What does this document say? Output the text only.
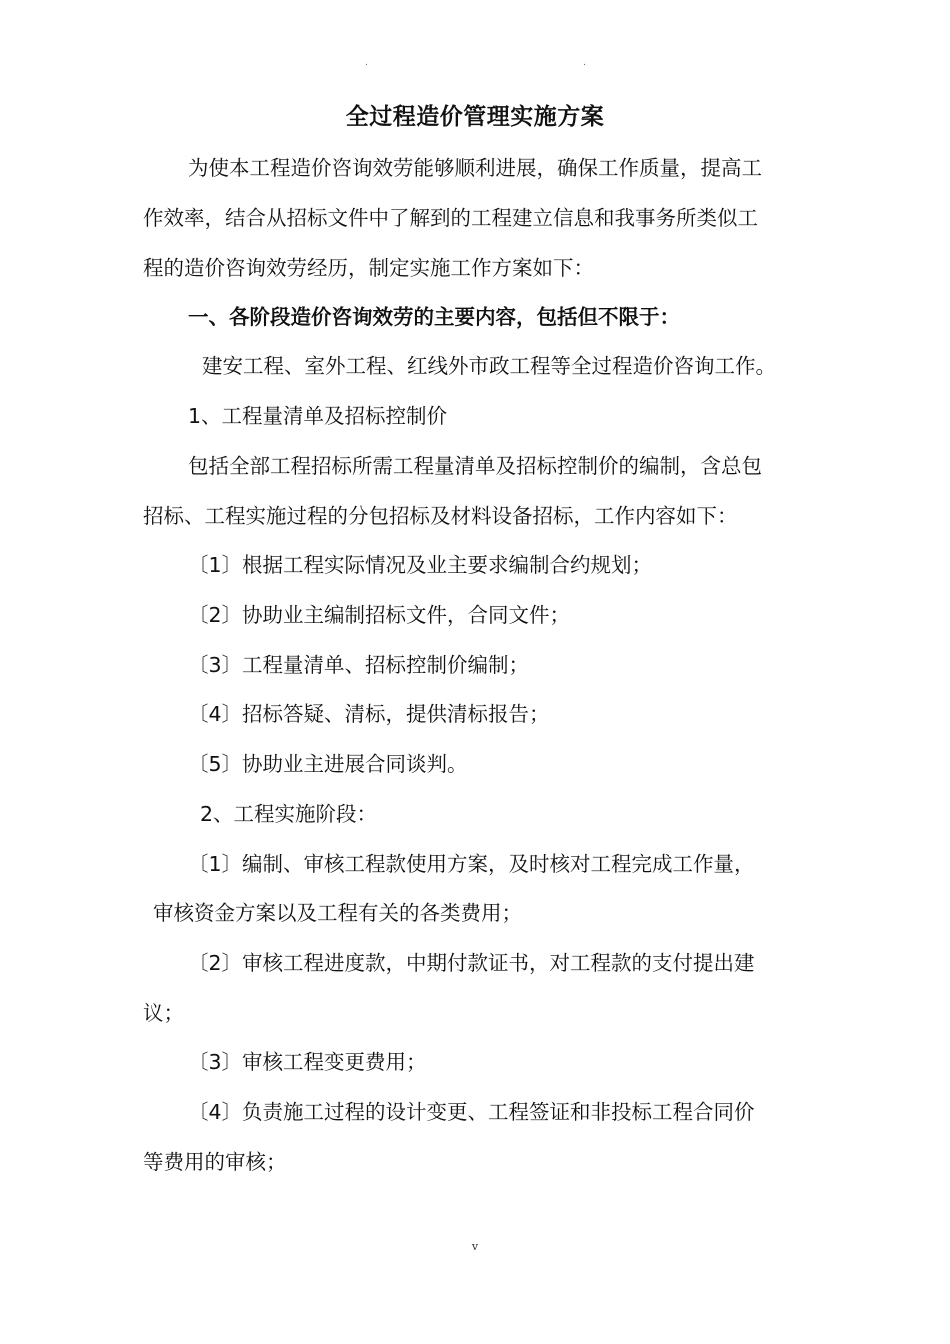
.	.
全过程造价管理实施方案
为使本工程造价咨询效劳能够顺利进展，确保工作质量，提高工
作效率，结合从招标文件中了解到的工程建立信息和我事务所类似工
程的造价咨询效劳经历，制定实施工作方案如下：
一、各阶段造价咨询效劳的主要内容，包括但不限于：
建安工程、室外工程、红线外市政工程等全过程造价咨询工作。
1、工程量清单及招标控制价
包括全部工程招标所需工程量清单及招标控制价的编制，含总包
招标、工程实施过程的分包招标及材料设备招标，工作内容如下：
〔1〕根据工程实际情况及业主要求编制合约规划；
〔2〕协助业主编制招标文件，合同文件；
〔3〕工程量清单、招标控制价编制；
〔4〕招标答疑、清标，提供清标报告；
〔5〕协助业主进展合同谈判。
2、工程实施阶段：
〔1〕编制、审核工程款使用方案，及时核对工程完成工作量，
审核资金方案以及工程有关的各类费用；
〔2〕审核工程进度款，中期付款证书，对工程款的支付提出建
议；
〔3〕审核工程变更费用；
〔4〕负责施工过程的设计变更、工程签证和非投标工程合同价
等费用的审核；
v
